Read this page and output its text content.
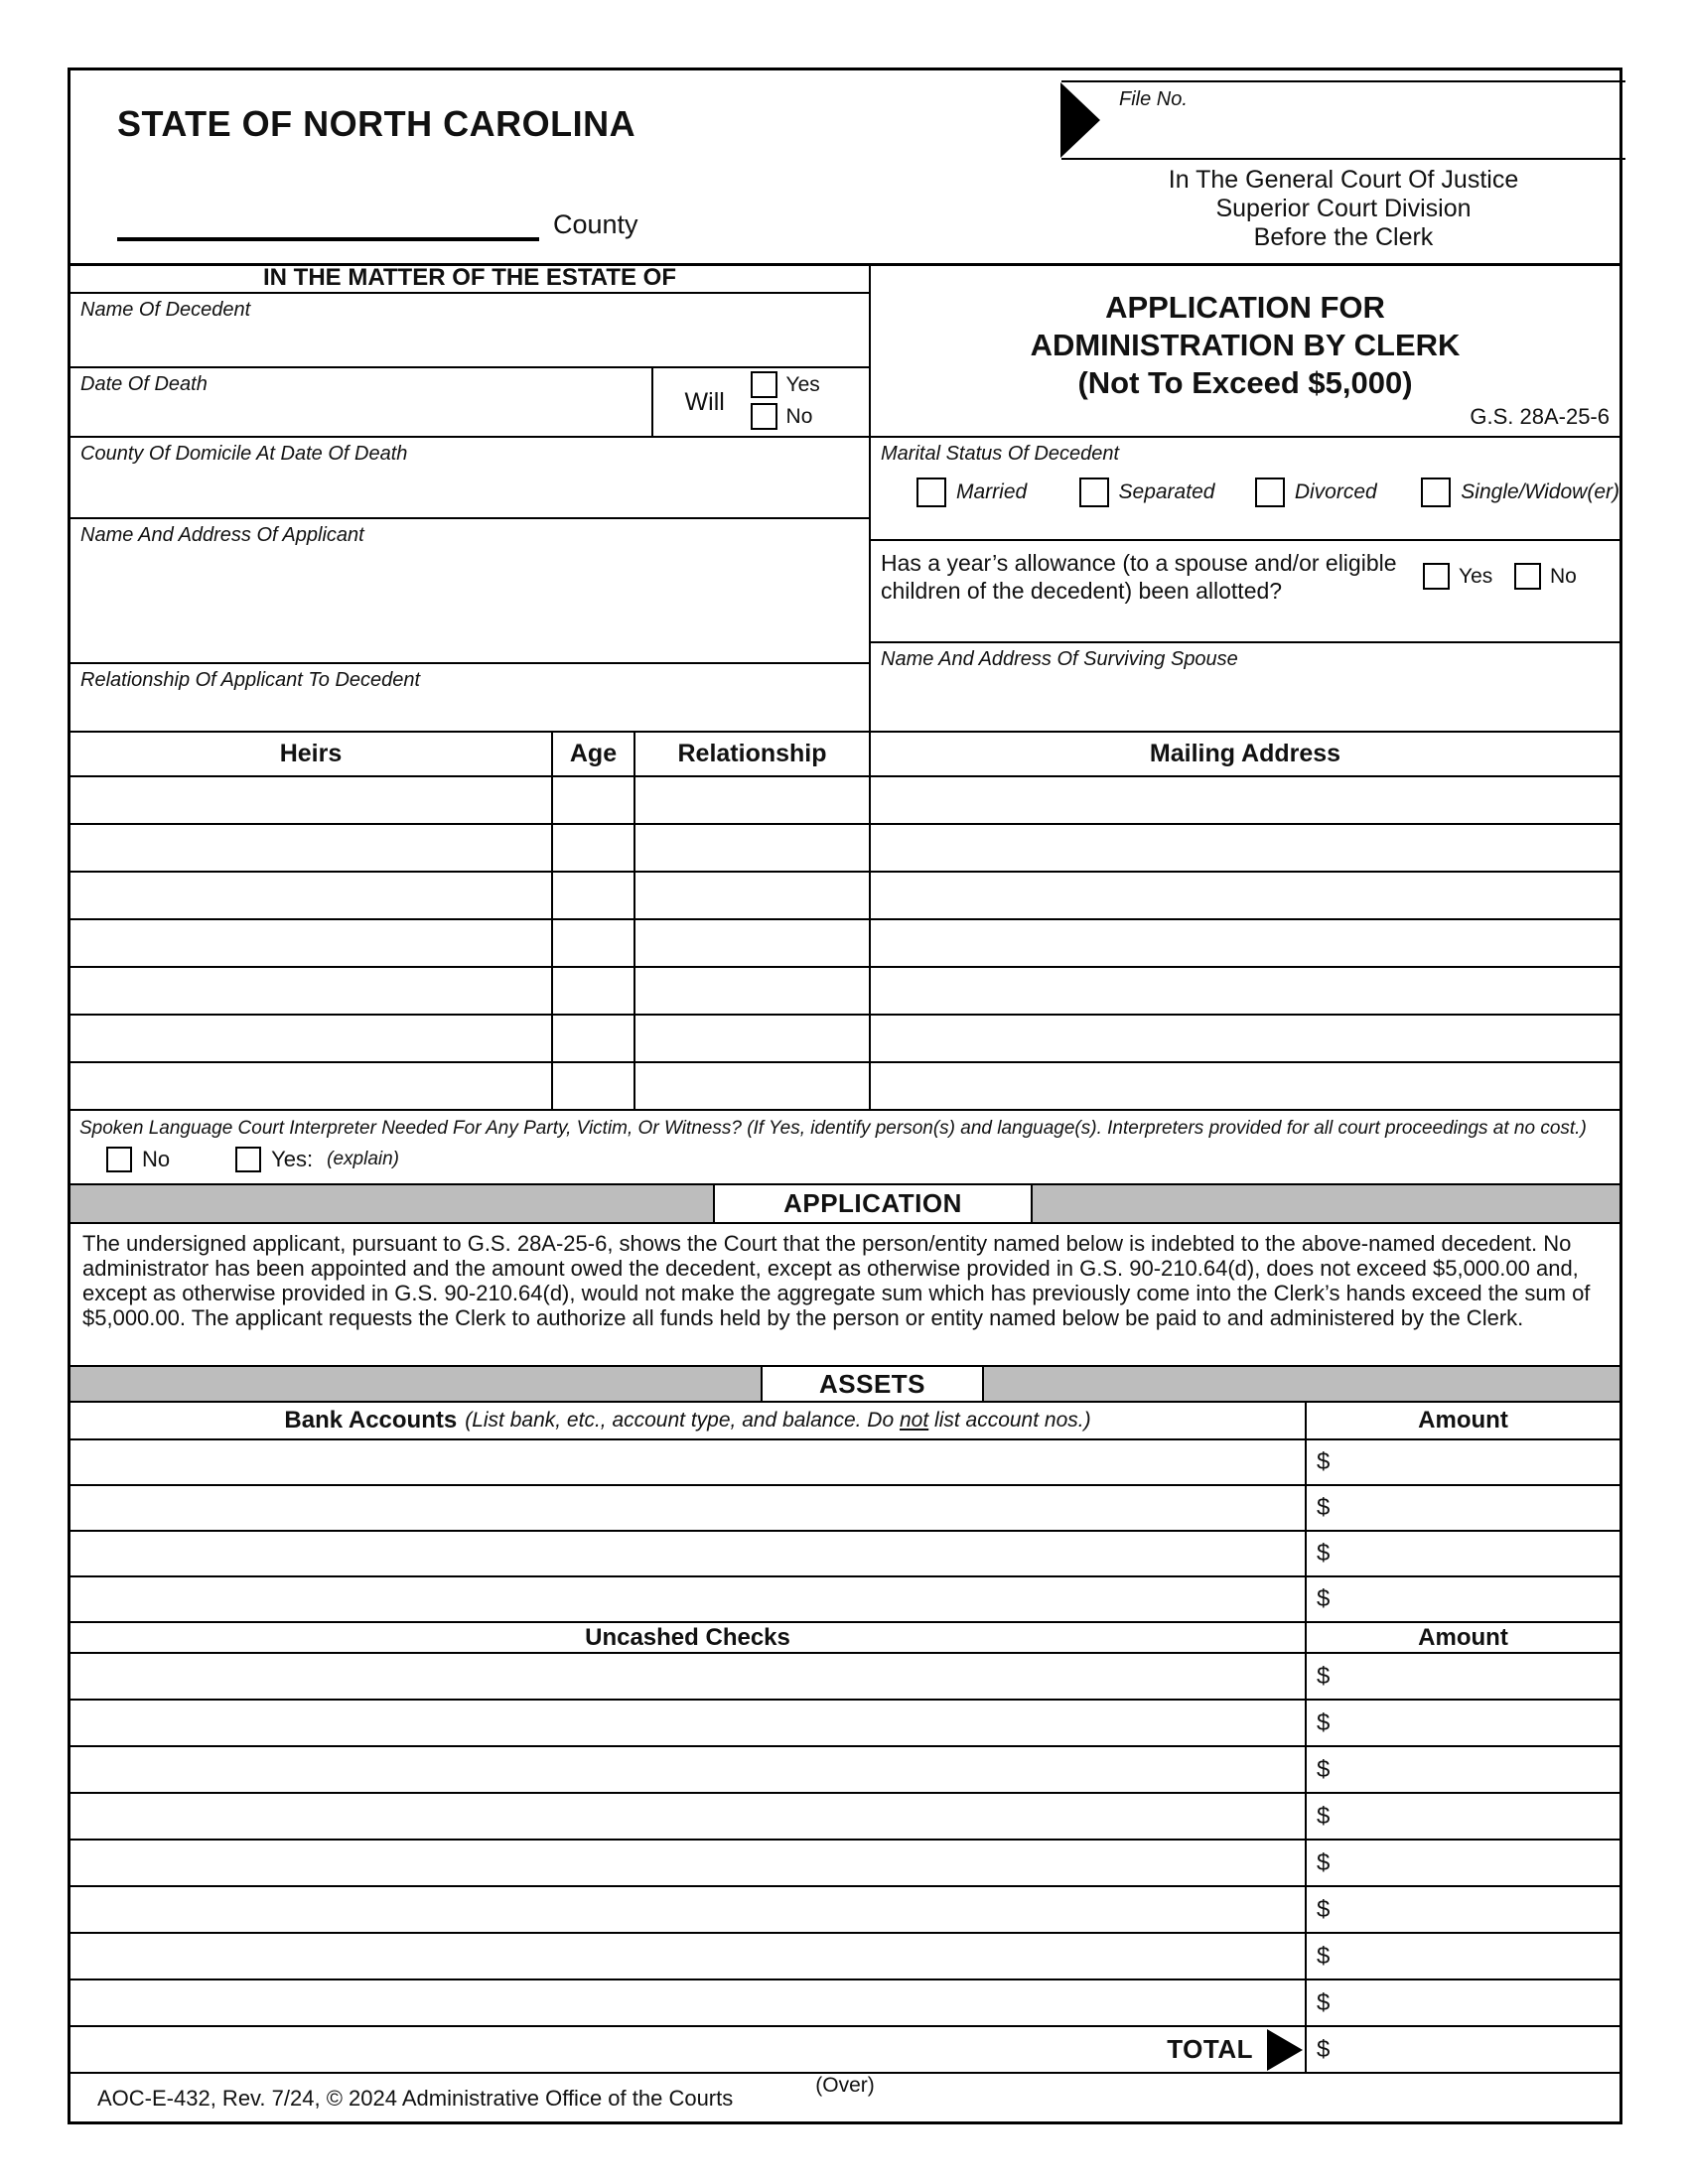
STATE OF NORTH CAROLINA
County
File No.
In The General Court Of Justice
Superior Court Division
Before the Clerk
IN THE MATTER OF THE ESTATE OF
Name Of Decedent
Date Of Death
Will
Yes
No
County Of Domicile At Date Of Death
Name And Address Of Applicant
Relationship Of Applicant To Decedent
APPLICATION FOR
ADMINISTRATION BY CLERK
(Not To Exceed $5,000)
G.S. 28A-25-6
Marital Status Of Decedent
Married	Separated	Divorced	Single/Widow(er)
Has a year’s allowance (to a spouse and/or eligible children of the decedent) been allotted?
Yes	No
Name And Address Of Surviving Spouse
Heirs	Age	Relationship	Mailing Address
Spoken Language Court Interpreter Needed For Any Party, Victim, Or Witness? (If Yes, identify person(s) and language(s). Interpreters provided for all court proceedings at no cost.)
No	Yes: (explain)
APPLICATION
The undersigned applicant, pursuant to G.S. 28A-25-6, shows the Court that the person/entity named below is indebted to the above-named decedent. No administrator has been appointed and the amount owed the decedent, except as otherwise provided in G.S. 90-210.64(d), does not exceed $5,000.00 and, except as otherwise provided in G.S. 90-210.64(d), would not make the aggregate sum which has previously come into the Clerk’s hands exceed the sum of $5,000.00. The applicant requests the Clerk to authorize all funds held by the person or entity named below be paid to and administered by the Clerk.
ASSETS
Bank Accounts (List bank, etc., account type, and balance. Do not list account nos.)	Amount
$
$
$
$
Uncashed Checks	Amount
$
$
$
$
$
$
$
$
TOTAL	$
(Over)
AOC-E-432, Rev. 7/24, © 2024 Administrative Office of the Courts
